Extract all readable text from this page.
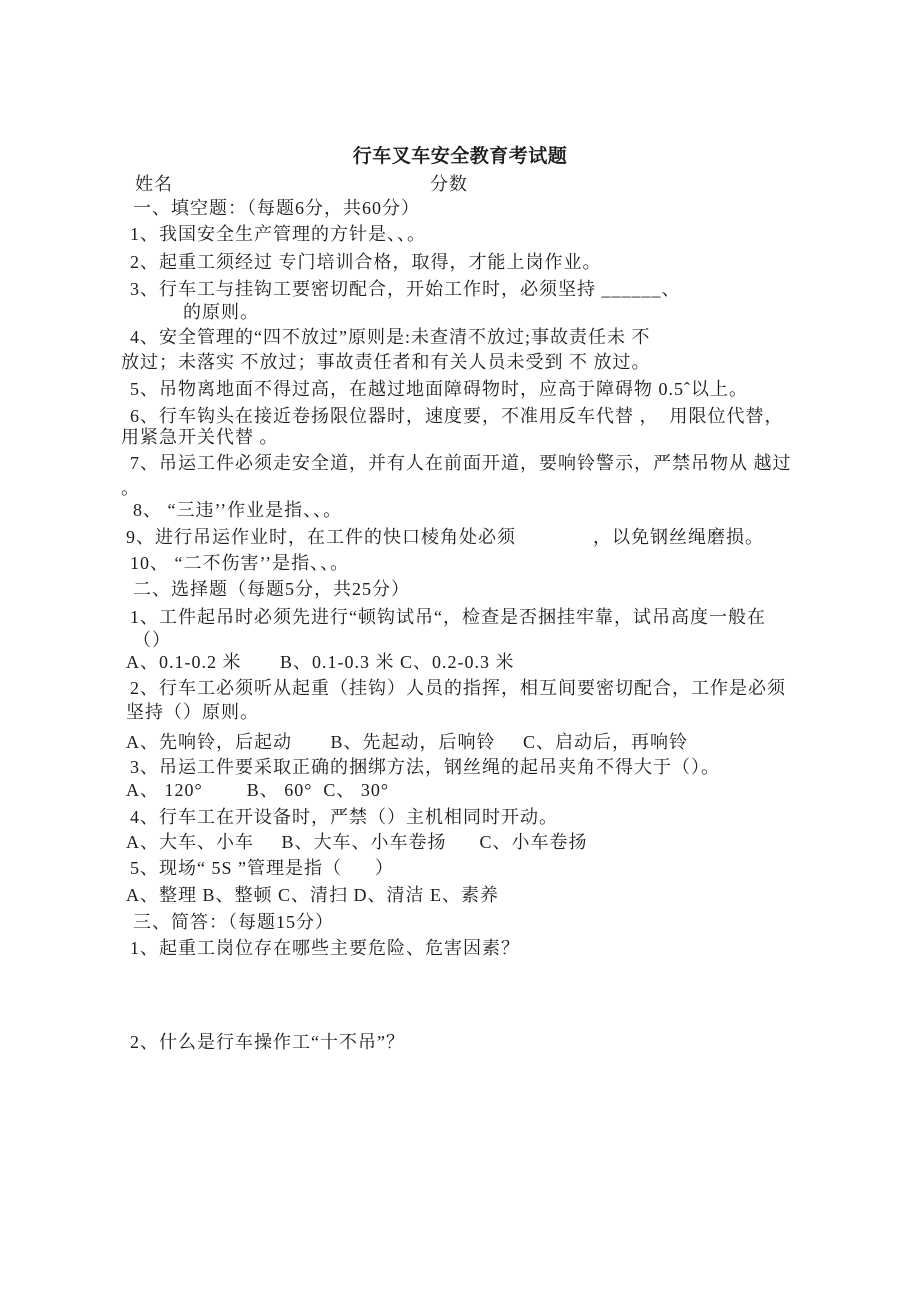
行车叉车安全教育考试题
姓名	分数
一、填空题：（每题6分，共60分）
1、我国安全生产管理的方针是、、。
2、起重工须经过 专门培训合格，取得，才能上岗作业。
3、行车工与挂钩工要密切配合，开始工作时，必须坚持 ______、
的原则。
4、安全管理的“四不放过”原则是:未查清不放过;事故责任未 不
放过；未落实 不放过；事故责任者和有关人员未受到 不 放过。
5、吊物离地面不得过高，在越过地面障碍物时，应高于障碍物 0.5ˆ以上。
6、行车钩头在接近卷扬限位器时，速度要，不准用反车代替 ，  用限位代替，
用紧急开关代替 。
7、吊运工件必须走安全道，并有人在前面开道，要响铃警示，严禁吊物从 越过
。
8、 “三违’’作业是指、、。
9、进行吊运作业时，在工件的快口棱角处必须              ，以免钢丝绳磨损。
10、 “二不伤害’’是指、、。
二、选择题（每题5分，共25分）
1、工件起吊时必须先进行“顿钩试吊“，检查是否捆挂牢靠，试吊高度一般在
（）
A、0.1-0.2 米       B、0.1-0.3 米 C、0.2-0.3 米
2、行车工必须听从起重（挂钩）人员的指挥，相互间要密切配合，工作是必须
坚持（）原则。
A、先响铃，后起动       B、先起动，后响铃     C、启动后，再响铃
3、吊运工件要采取正确的捆绑方法，钢丝绳的起吊夹角不得大于（）。
A、 120°        B、 60°  C、 30°
4、行车工在开设备时，严禁（）主机相同时开动。
A、大车、小车     B、大车、小车卷扬      C、小车卷扬
5、现场“ 5S ”管理是指（      ）
A、整理 B、整顿 C、清扫 D、清洁 E、素养
三、简答：（每题15分）
1、起重工岗位存在哪些主要危险、危害因素？
2、什么是行车操作工“十不吊”？
